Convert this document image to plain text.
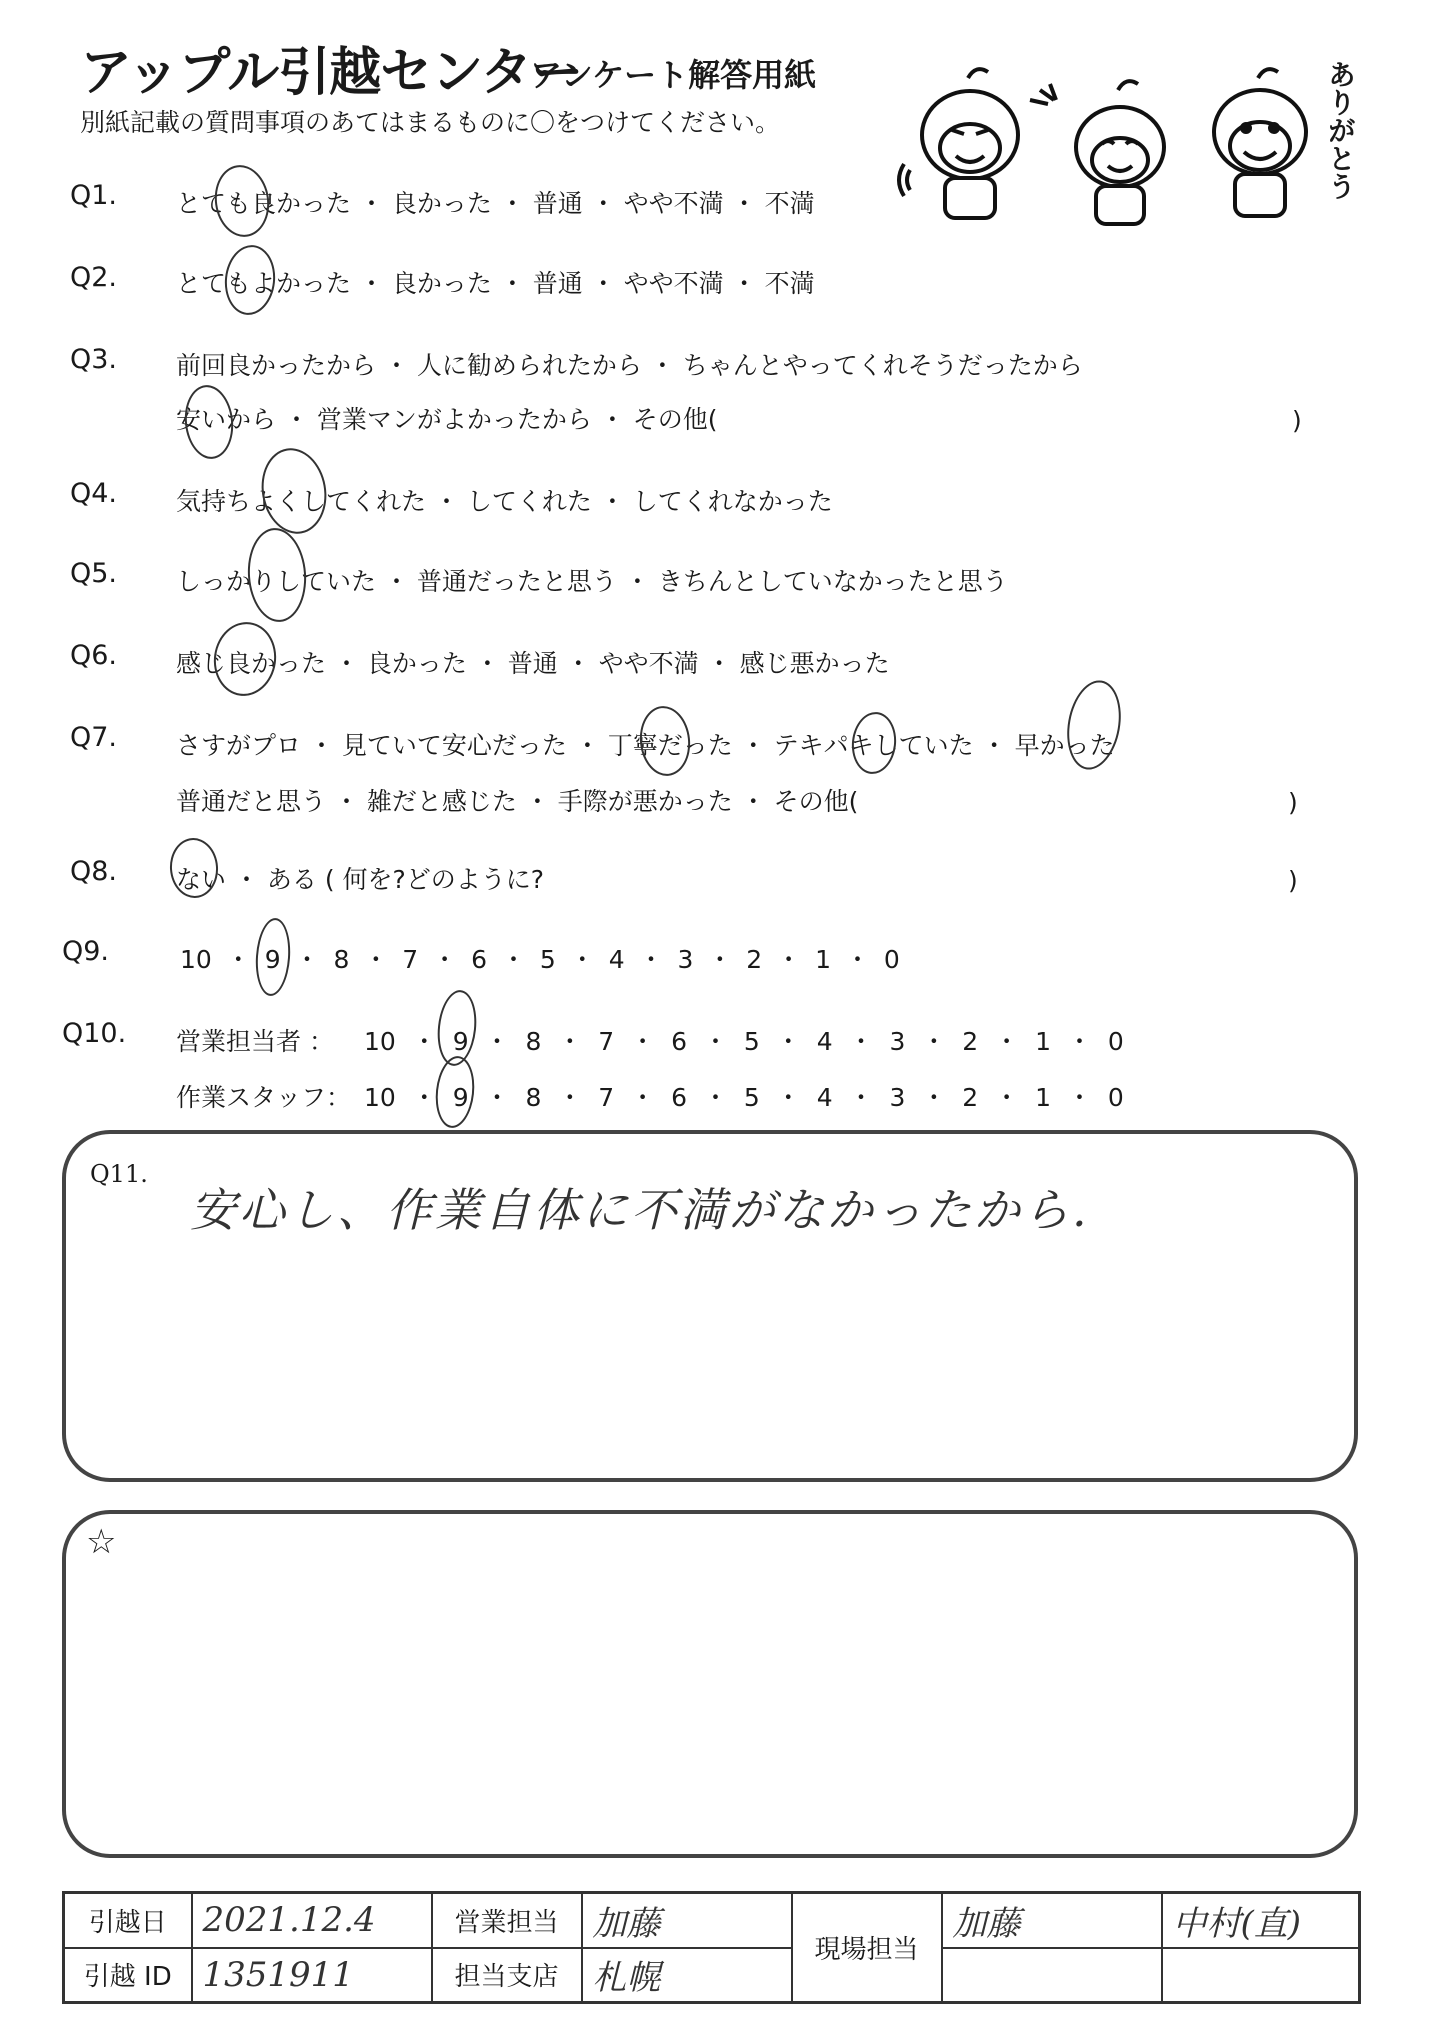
アップル引越センター
アンケート解答用紙
別紙記載の質問事項のあてはまるものに〇をつけてください。	ありがとう
Q1. とても良かった ・ 良かった ・ 普通 ・ やや不満 ・ 不満
Q2. とてもよかった ・ 良かった ・ 普通 ・ やや不満 ・ 不満
Q3. 前回良かったから ・ 人に勧められたから ・ ちゃんとやってくれそうだったから
安いから ・ 営業マンがよかったから ・ その他(	)
Q4. 気持ちよくしてくれた ・ してくれた ・ してくれなかった
Q5. しっかりしていた ・ 普通だったと思う ・ きちんとしていなかったと思う
Q6. 感じ良かった ・ 良かった ・ 普通 ・ やや不満 ・ 感じ悪かった
Q7. さすがプロ ・ 見ていて安心だった ・ 丁寧だった ・ テキパキしていた ・ 早かった
普通だと思う ・ 雑だと感じた ・ 手際が悪かった ・ その他(	)
Q8. ない ・ ある ( 何を?どのように?	)
Q9.	10 ・ 9 ・ 8 ・ 7 ・ 6 ・ 5 ・ 4 ・ 3 ・ 2 ・ 1 ・ 0
Q10. 営業担当者 ： 10 ・ 9 ・ 8 ・ 7 ・ 6 ・ 5 ・ 4 ・ 3 ・ 2 ・ 1 ・ 0
作業スタッフ： 10 ・ 9 ・ 8 ・ 7 ・ 6 ・ 5 ・ 4 ・ 3 ・ 2 ・ 1 ・ 0
Q11.
安心し、作業自体に不満がなかったから.
☆
引越日	2021.12.4	営業担当	加藤	現場担当	加藤	中村(直)
引越 ID	1351911	担当支店	札幌			
